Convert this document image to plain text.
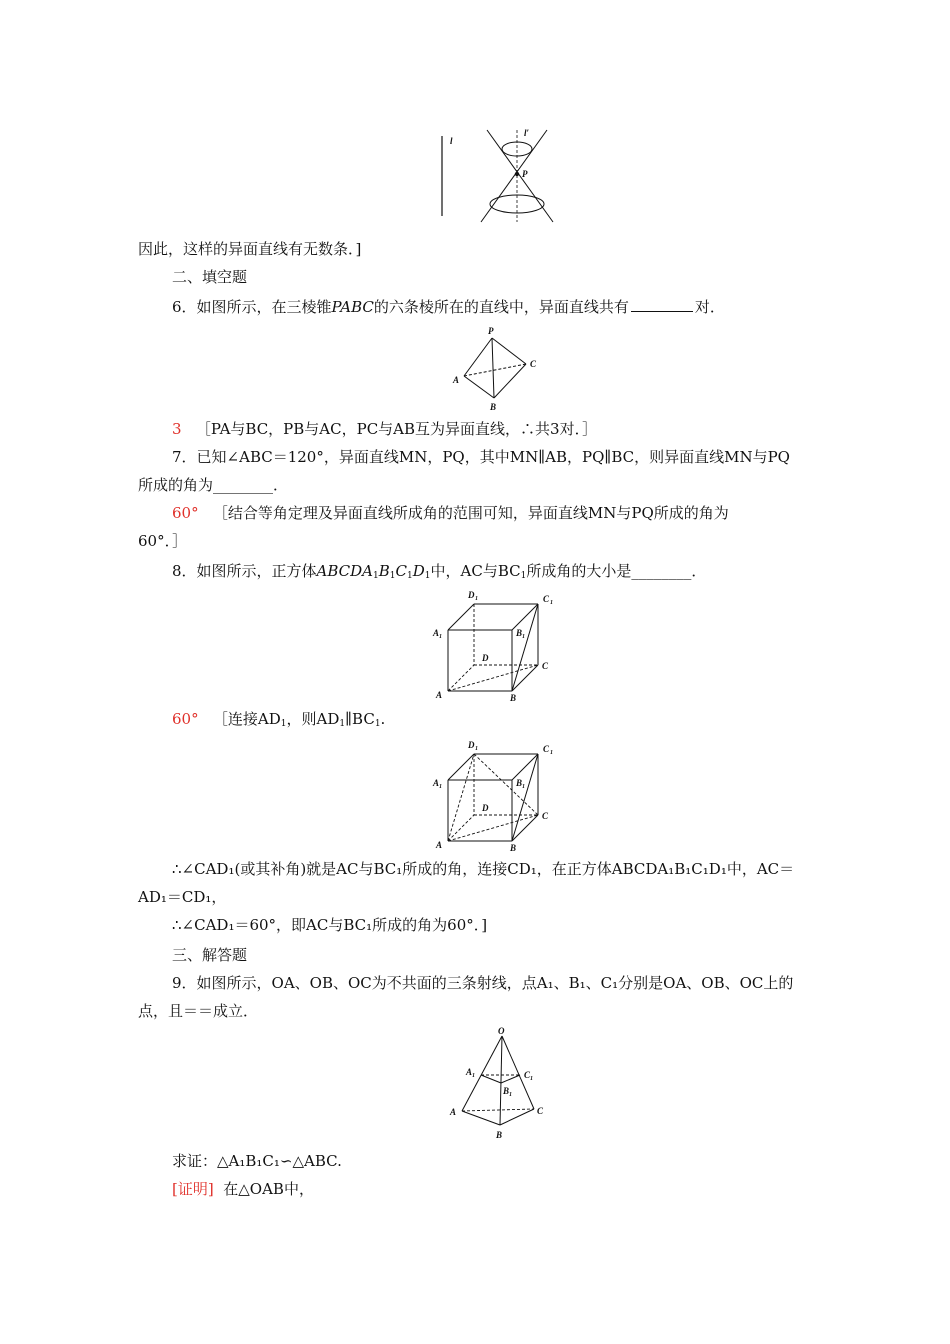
l
l′
P
因此，这样的异面直线有无数条．]
二、填空题
6．如图所示，在三棱锥PABC的六条棱所在的直线中，异面直线共有	对．
P
A
B
C
3 ［PA与BC，PB与AC，PC与AB互为异面直线，∴共3对．］
7．已知∠ABC＝120°，异面直线MN，PQ，其中MN∥AB，PQ∥BC，则异面直线MN与PQ
所成的角为________．
60° ［结合等角定理及异面直线所成角的范围可知，异面直线MN与PQ所成的角为
60°．］
8．如图所示，正方体$ABCDA_1B_1C_1D_1$中，AC与$BC_1$所成角的大小是________．
D 1	C 1
A 1	B 1
D
C
A	B
60° ［连接$AD_1$，则$AD_1\parallel BC_1$.
D 1	C 1
A 1	B 1
D
C
A	B
∴∠CAD₁(或其补角)就是AC与BC₁所成的角，连接CD₁，在正方体ABCDA₁B₁C₁D₁中，AC＝
AD₁＝CD₁，
∴∠CAD₁＝60°，即AC与BC₁所成的角为60°．]
三、解答题
9．如图所示，OA、OB、OC为不共面的三条射线，点A₁、B₁、C₁分别是OA、OB、OC上的
点，且＝＝成立．
O
A 1	C 1
B 1
A	C
B
求证：△A₁B₁C₁∽△ABC.
[证明] 在△OAB中，
